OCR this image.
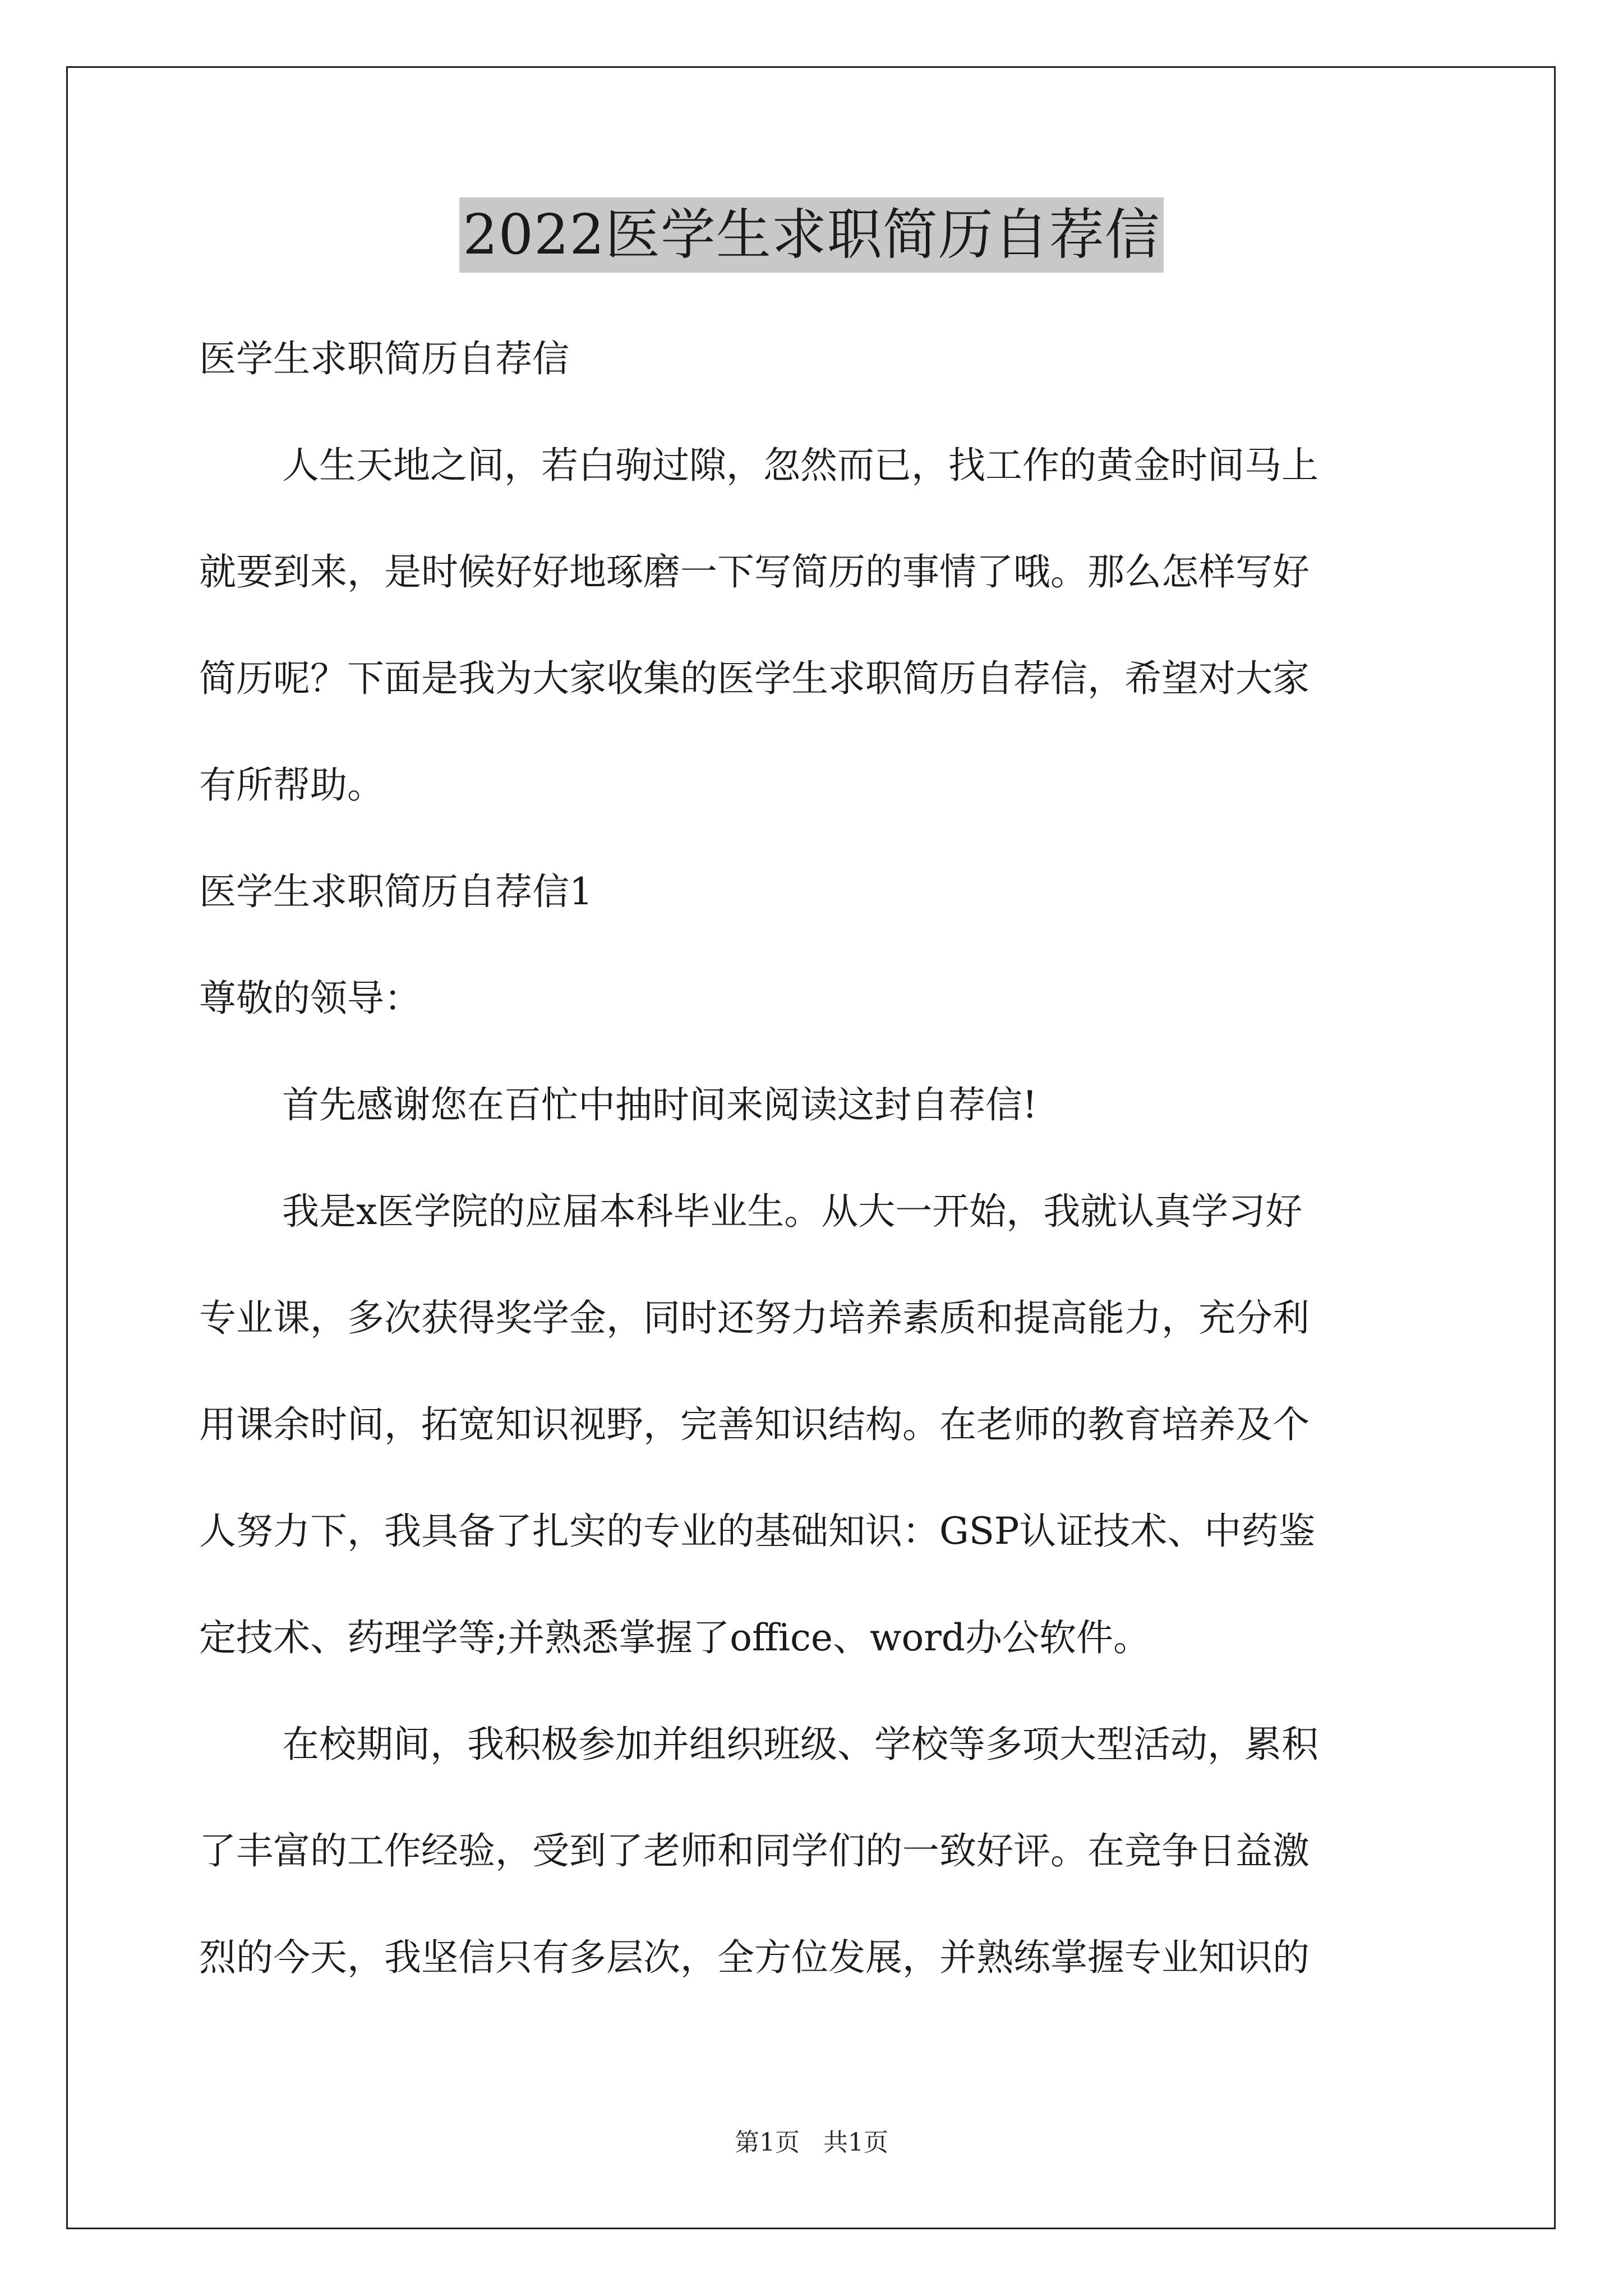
2022医学生求职简历自荐信
医学生求职简历自荐信
人生天地之间，若白驹过隙，忽然而已，找工作的黄金时间马上
就要到来，是时候好好地琢磨一下写简历的事情了哦。那么怎样写好
简历呢？下面是我为大家收集的医学生求职简历自荐信，希望对大家
有所帮助。
医学生求职简历自荐信1
尊敬的领导：
首先感谢您在百忙中抽时间来阅读这封自荐信!
我是x医学院的应届本科毕业生。从大一开始，我就认真学习好
专业课，多次获得奖学金，同时还努力培养素质和提高能力，充分利
用课余时间，拓宽知识视野，完善知识结构。在老师的教育培养及个
人努力下，我具备了扎实的专业的基础知识：GSP认证技术、中药鉴
定技术、药理学等;并熟悉掌握了office、word办公软件。
在校期间，我积极参加并组织班级、学校等多项大型活动，累积
了丰富的工作经验，受到了老师和同学们的一致好评。在竞争日益激
烈的今天，我坚信只有多层次，全方位发展，并熟练掌握专业知识的
第1页   共1页
